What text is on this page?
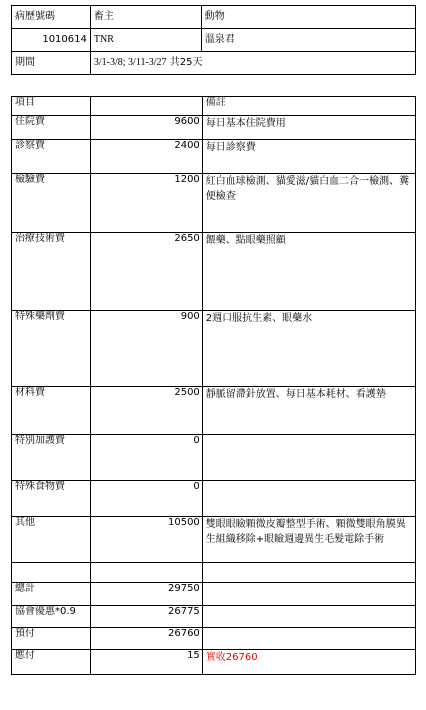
病歷號碼	畜主	動物
1010614	TNR	溫泉君
期間	3/1-3/8; 3/11-3/27 共25天	
項目		備註
住院費	9600	每日基本住院費用
診察費	2400	每日診察費
檢驗費	1200	紅白血球檢測、貓愛滋/貓白血二合一檢測、糞便檢查
治療技術費	2650	餵藥、點眼藥照顧
特殊藥劑費	900	2週口服抗生素、眼藥水
材料費	2500	靜脈留滯針放置、每日基本耗材、看護墊
特別加護費	0	
特殊食物費	0	
其他	10500	雙眼眼瞼顆微皮瓣整型手術、顆微雙眼角膜異生組織移除+眼瞼週邊異生毛髮電除手術

總計	29750	
協會優惠*0.9	26775	
預付	26760	
應付	15	實收26760
